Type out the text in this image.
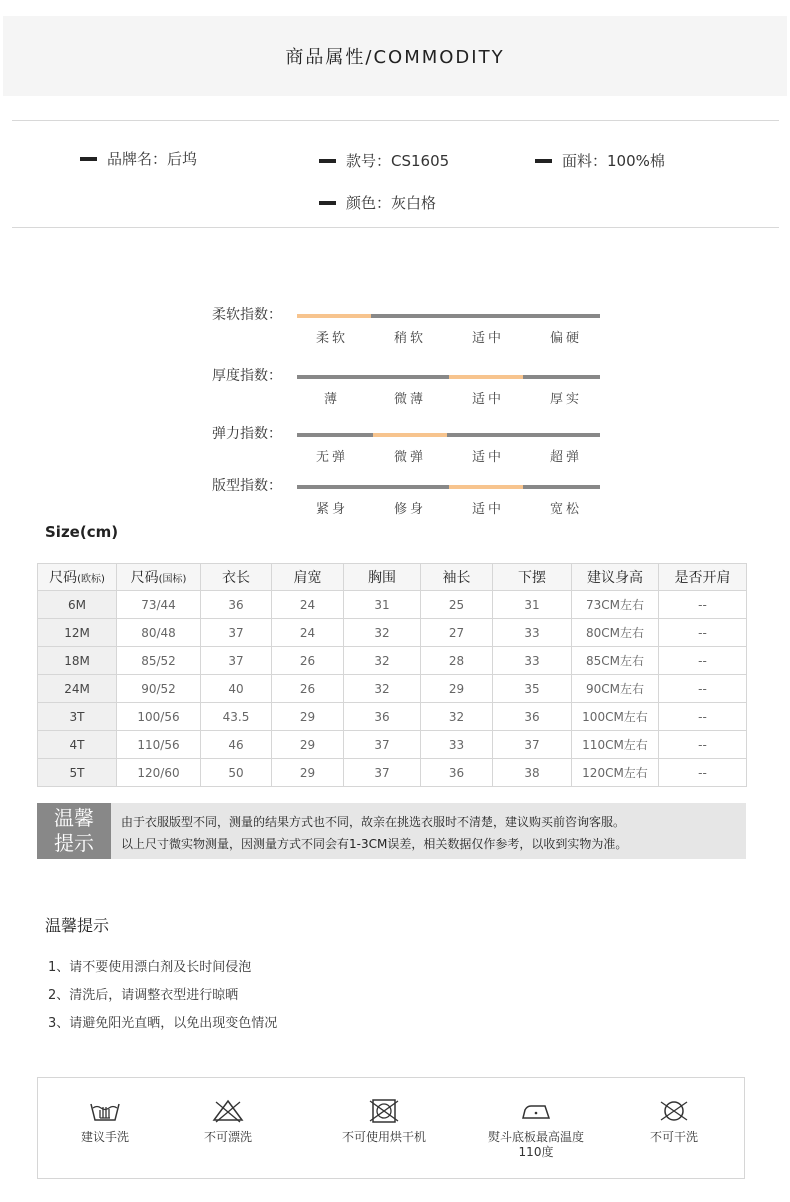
商品属性/COMMODITY
品牌名：后坞	款号：CS1605	面料：100%棉
颜色：灰白格
柔软指数：
柔软	稍软	适中	偏硬
厚度指数：
薄	微薄	适中	厚实
弹力指数：
无弹	微弹	适中	超弹
版型指数：
紧身	修身	适中	宽松
Size(cm)
尺码(欧标)	尺码(国标)	衣长	肩宽	胸围	袖长	下摆	建议身高	是否开肩
6M	73/44	36	24	31	25	31	73CM左右	--
12M	80/48	37	24	32	27	33	80CM左右	--
18M	85/52	37	26	32	28	33	85CM左右	--
24M	90/52	40	26	32	29	35	90CM左右	--
3T	100/56	43.5	29	36	32	36	100CM左右	--
4T	110/56	46	29	37	33	37	110CM左右	--
5T	120/60	50	29	37	36	38	120CM左右	--
温馨
提示
由于衣服版型不同，测量的结果方式也不同，故亲在挑选衣服时不清楚，建议购买前咨询客服。
以上尺寸微实物测量，因测量方式不同会有1-3CM误差，相关数据仅作参考，以收到实物为准。
温馨提示
1、请不要使用漂白剂及长时间侵泡
2、清洗后，请调整衣型进行晾晒
3、请避免阳光直晒，以免出现变色情况
建议手洗	不可漂洗	不可使用烘干机	熨斗底板最高温度110度
不可干洗
